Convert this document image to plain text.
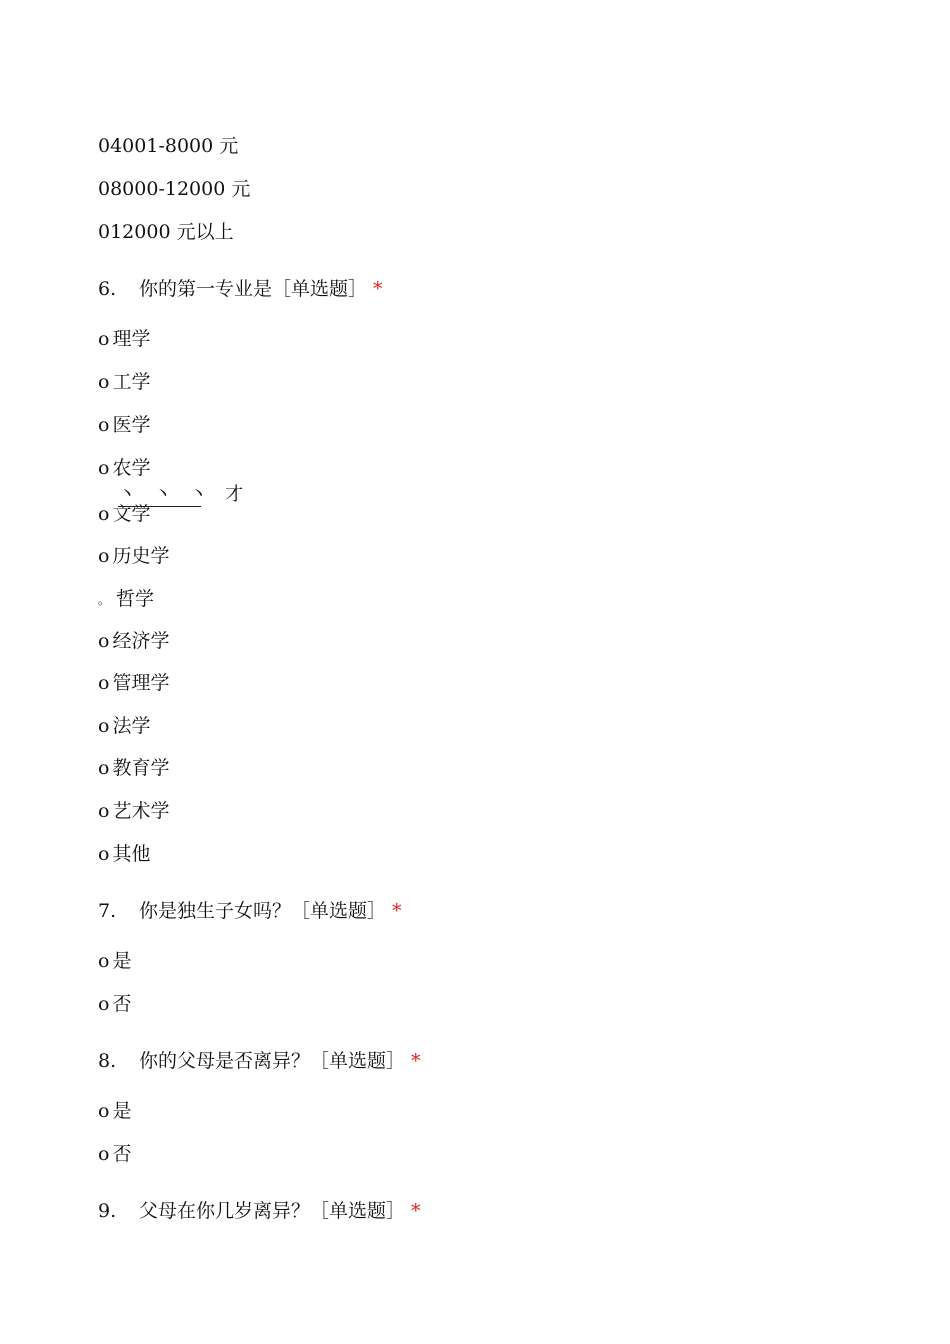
04001-8000 元
08000-12000 元
012000 元以上
6. 你的第一专业是［单选题］ *
o 理学
o 工学
o 医学
o 农学
丶 丶 丶 才
o 文学
o 历史学
。 哲学
o 经济学
o 管理学
o 法学
o 教育学
o 艺术学
o 其他
7. 你是独生子女吗？［单选题］ *
o 是
o 否
8. 你的父母是否离异？［单选题］ *
o 是
o 否
9. 父母在你几岁离异？［单选题］ *
